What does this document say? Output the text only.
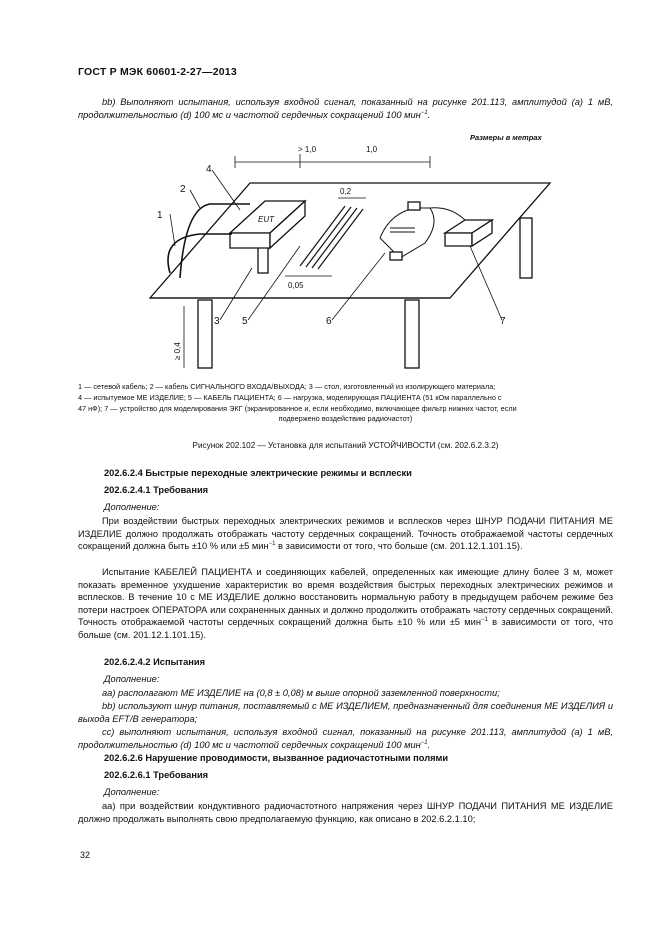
ГОСТ Р МЭК 60601-2-27—2013
bb) Выполняют испытания, используя входной сигнал, показанный на рисунке 201.113, амплитудой (a) 1 мВ, продолжительностью (d) 100 мс и частотой сердечных сокращений 100 мин$^{-1}$.
Размеры в метрах
> 1,0	1,0
≥ 0,4
EUT
0,05
0,2
1
2
3
4
5	6	7
1 — сетевой кабель; 2 — кабель СИГНАЛЬНОГО ВХОДА/ВЫХОДА; 3 — стол, изготовленный из изолирующего материала;
4 — испытуемое МЕ ИЗДЕЛИЕ; 5 — КАБЕЛЬ ПАЦИЕНТА; 6 — нагрузка, моделирующая ПАЦИЕНТА (51 кОм параллельно с
47 нФ); 7 — устройство для моделирования ЭКГ (экранированное и, если необходимо, включающее фильтр нижних частот, если
подвержено воздействию радиочастот)
Рисунок 202.102 — Установка для испытаний УСТОЙЧИВОСТИ (см. 202.6.2.3.2)
202.6.2.4 Быстрые переходные электрические режимы и всплески
202.6.2.4.1 Требования
Дополнение:
При воздействии быстрых переходных электрических режимов и всплесков через ШНУР ПОДАЧИ ПИТАНИЯ МЕ ИЗДЕЛИЕ должно продолжать отображать частоту сердечных сокращений. Точность отображаемой частоты сердечных сокращений должна быть ±10 % или ±5 мин$^{-1}$ в зависимости от того, что больше (см. 201.12.1.101.15).
Испытание КАБЕЛЕЙ ПАЦИЕНТА и соединяющих кабелей, определенных как имеющие длину более 3 м, может показать временное ухудшение характеристик во время воздействия быстрых переходных электрических режимов и всплесков. В течение 10 с МЕ ИЗДЕЛИЕ должно восстановить нормальную работу в предыдущем рабочем режиме без потери настроек ОПЕРАТОРА или сохраненных данных и должно продолжить отображать частоту сердечных сокращений. Точность отображаемой частоты сердечных сокращений должна быть ±10 % или ±5 мин$^{-1}$ в зависимости от того, что больше (см. 201.12.1.101.15).
202.6.2.4.2 Испытания
Дополнение:
аа) располагают МЕ ИЗДЕЛИЕ на (0,8 ± 0,08) м выше опорной заземленной поверхности;
bb) используют шнур питания, поставляемый с МЕ ИЗДЕЛИЕМ, предназначенный для соединения МЕ ИЗДЕЛИЯ и выхода EFT/B генератора;
cc) выполняют испытания, используя входной сигнал, показанный на рисунке 201.113, амплитудой (a) 1 мВ, продолжительностью (d) 100 мс и частотой сердечных сокращений 100 мин$^{-1}$.
202.6.2.6 Нарушение проводимости, вызванное радиочастотными полями
202.6.2.6.1 Требования
Дополнение:
аа) при воздействии кондуктивного радиочастотного напряжения через ШНУР ПОДАЧИ ПИТАНИЯ МЕ ИЗДЕЛИЕ должно продолжать выполнять свою предполагаемую функцию, как описано в 202.6.2.1.10;
32
